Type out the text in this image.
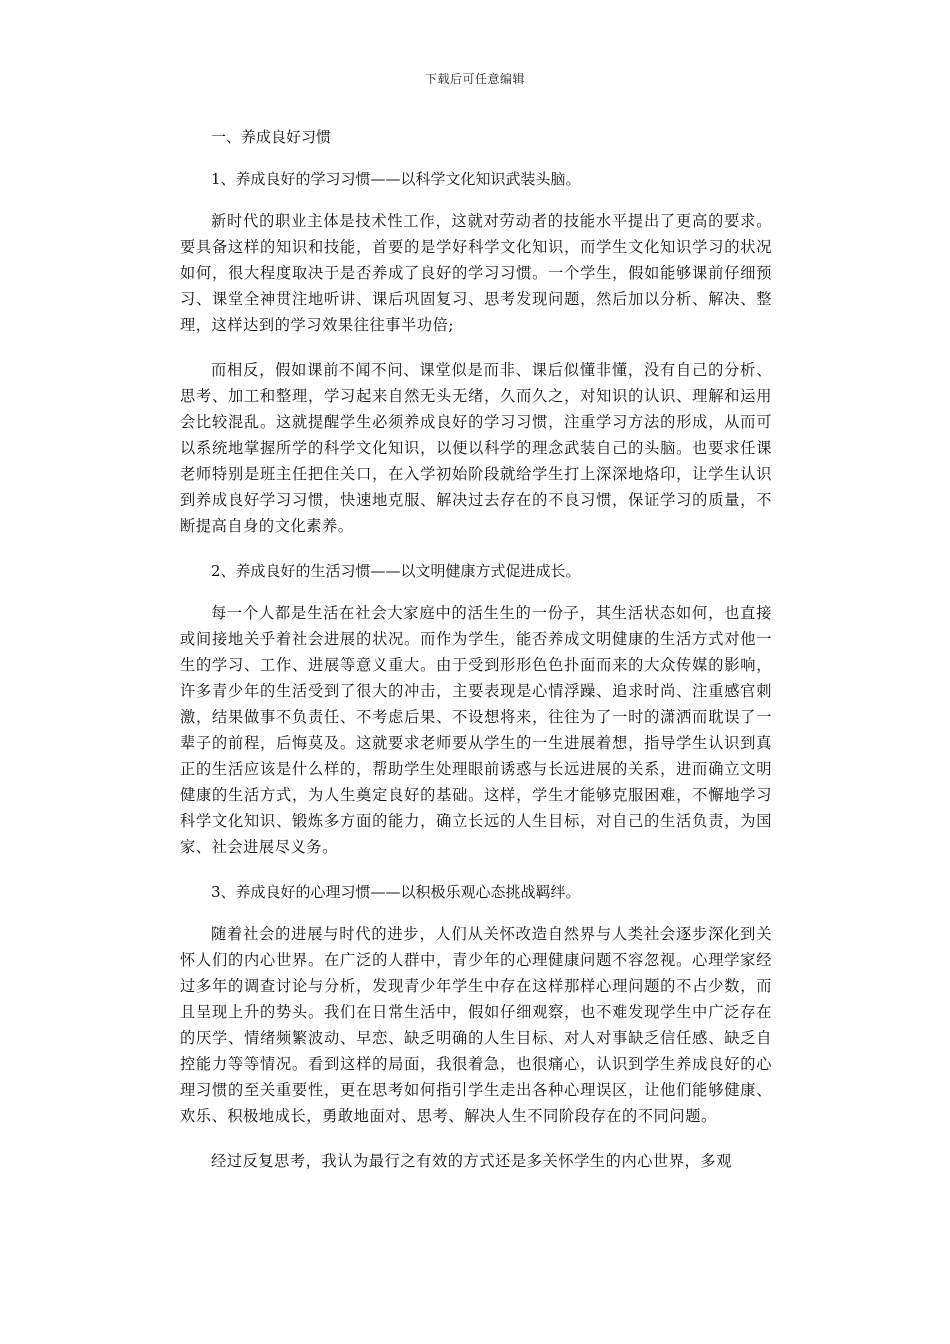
下载后可任意编辑

一、养成良好习惯

1、养成良好的学习习惯——以科学文化知识武装头脑。

新时代的职业主体是技术性工作，这就对劳动者的技能水平提出了更高的要求。要具备这样的知识和技能，首要的是学好科学文化知识，而学生文化知识学习的状况如何，很大程度取决于是否养成了良好的学习习惯。一个学生，假如能够课前仔细预习、课堂全神贯注地听讲、课后巩固复习、思考发现问题，然后加以分析、解决、整理，这样达到的学习效果往往事半功倍;

而相反，假如课前不闻不问、课堂似是而非、课后似懂非懂，没有自己的分析、思考、加工和整理，学习起来自然无头无绪，久而久之，对知识的认识、理解和运用会比较混乱。这就提醒学生必须养成良好的学习习惯，注重学习方法的形成，从而可以系统地掌握所学的科学文化知识，以便以科学的理念武装自己的头脑。也要求任课老师特别是班主任把住关口，在入学初始阶段就给学生打上深深地烙印，让学生认识到养成良好学习习惯，快速地克服、解决过去存在的不良习惯，保证学习的质量，不断提高自身的文化素养。

2、养成良好的生活习惯——以文明健康方式促进成长。

每一个人都是生活在社会大家庭中的活生生的一份子，其生活状态如何，也直接或间接地关乎着社会进展的状况。而作为学生，能否养成文明健康的生活方式对他一生的学习、工作、进展等意义重大。由于受到形形色色扑面而来的大众传媒的影响，许多青少年的生活受到了很大的冲击，主要表现是心情浮躁、追求时尚、注重感官刺激，结果做事不负责任、不考虑后果、不设想将来，往往为了一时的潇洒而耽误了一辈子的前程，后悔莫及。这就要求老师要从学生的一生进展着想，指导学生认识到真正的生活应该是什么样的，帮助学生处理眼前诱惑与长远进展的关系，进而确立文明健康的生活方式，为人生奠定良好的基础。这样，学生才能够克服困难，不懈地学习科学文化知识、锻炼多方面的能力，确立长远的人生目标，对自己的生活负责，为国家、社会进展尽义务。

3、养成良好的心理习惯——以积极乐观心态挑战羁绊。

随着社会的进展与时代的进步，人们从关怀改造自然界与人类社会逐步深化到关怀人们的内心世界。在广泛的人群中，青少年的心理健康问题不容忽视。心理学家经过多年的调查讨论与分析，发现青少年学生中存在这样那样心理问题的不占少数，而且呈现上升的势头。我们在日常生活中，假如仔细观察，也不难发现学生中广泛存在的厌学、情绪频繁波动、早恋、缺乏明确的人生目标、对人对事缺乏信任感、缺乏自控能力等等情况。看到这样的局面，我很着急，也很痛心，认识到学生养成良好的心理习惯的至关重要性，更在思考如何指引学生走出各种心理误区，让他们能够健康、欢乐、积极地成长，勇敢地面对、思考、解决人生不同阶段存在的不同问题。

经过反复思考，我认为最行之有效的方式还是多关怀学生的内心世界，多观
